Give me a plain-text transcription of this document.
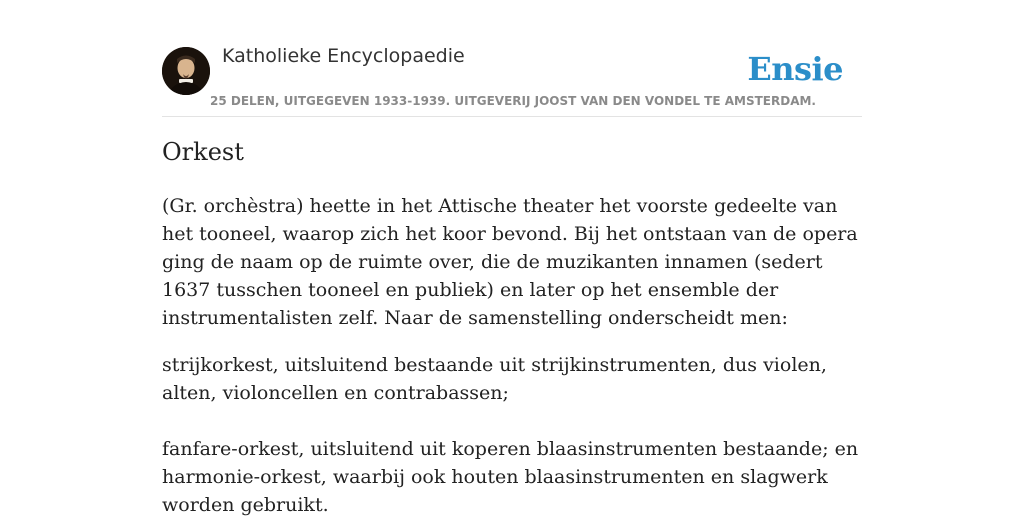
Katholieke Encyclopaedie	Ensie
25 DELEN, UITGEGEVEN 1933-1939. UITGEVERIJ JOOST VAN DEN VONDEL TE AMSTERDAM.
Orkest

(Gr. orchèstra) heette in het Attische theater het voorste gedeelte van het tooneel, waarop zich het koor bevond. Bij het ontstaan van de opera ging de naam op de ruimte over, die de muzikanten innamen (sedert 1637 tusschen tooneel en publiek) en later op het ensemble der instrumentalisten zelf. Naar de samenstelling onderscheidt men:

strijkorkest, uitsluitend bestaande uit strijkinstrumenten, dus violen, alten, violoncellen en contrabassen;

fanfare-orkest, uitsluitend uit koperen blaasinstrumenten bestaande; en harmonie-orkest, waarbij ook houten blaasinstrumenten en slagwerk worden gebruikt.
